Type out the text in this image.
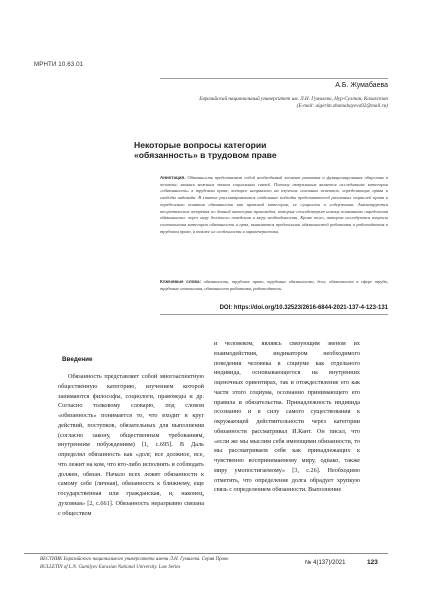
МРНТИ 10.63.01
А.Б. Жумабаева
Евразийский национальный университет им. Л.Н. Гумилева, Нур-Султан, Казахстан
(E-mail: aigerim.zhumabayeva92@mail.ru)
Некоторые вопросы категории «обязанность» в трудовом праве
Аннотация. Обязанность представляет собой необходимый элемент развития и функционирования общества и человека, являясь важным звеном социальных связей. Потому актуальным является исследование категории «обязанность» в трудовом праве, которое направлено на изучение основных аспектов, определяющих права и свободы индивида. В статье рассматриваются отдельные подходы представителей различных отраслей права к определению понятия обязанности как правовой категории, ее сущности и содержания. Анализируются теоретические воззрения по данной категории правоведов, которые способствуют новому пониманию определения обязанности: через меру должного поведения и меру необходимости. Кроме того, автором исследуются вопросы соотношения категории обязанности и прав, выявляются предпосылки обязанностей работника и работодателя в трудовом праве, а также их особенности и характеристики.
Ключевые слова: обязанность, трудовое право, трудовые обязанности, долг, обязанности в сфере труда, трудовые отношения, обязанности работника, работодатель.
DOI: https://doi.org/10.32523/2616-6844-2021-137-4-123-131
Введение
Обязанность представляет собой многоаспектную общественную категорию, изучением которой занимаются философы, социологи, правоведы и др. Согласно толковому словарю, под словом «обязанность» понимается то, что входит в круг действий, поступков, обязательных для выполнения (согласно закону, общественным требованиям, внутренним побуждениям) [1, с.695]. В Даль определял обязанность как «долг, все должное, все, что лежит на ком, что кто-либо исполнять и соблюдать должен, обязан. Начало всех лежит обязанности к самому себе (личная), обязанность к ближнему, еще государственная или гражданская, и, наконец, духовная» [2, с.661]. Обязанность неразрывно связана с обществом
и человеком, являясь связующим звеном их взаимодействия, индикатором необходимого поведения человека в социуме как отдельного индивида, основывающегося на внутренних оценочных ориентирах, так и отождествление его как части этого социума, осознанно принимающего его правила и обязательства. Принадлежность индивида осознанно и в силу самого существования к окружающей действительности через категории обязанности рассматривал И.Кант. Он писал, что «если же мы мыслим себя имеющими обязанности, то мы рассматриваем себя как принадлежащих к чувственно воспринимаемому миру, однако, также миру умопостигаемому» [3, с.26]. Необходимо отметить, что определение долга обрадует хрупкую связь с определением обязанности. Выполнение
ВЕСТНИК Евразийского национального университета имени Л.Н. Гумилева. Серия Право
BULLETIN of L.N. Gumilyov Eurasian National University. Law Series
№ 4(137)/2021	123
